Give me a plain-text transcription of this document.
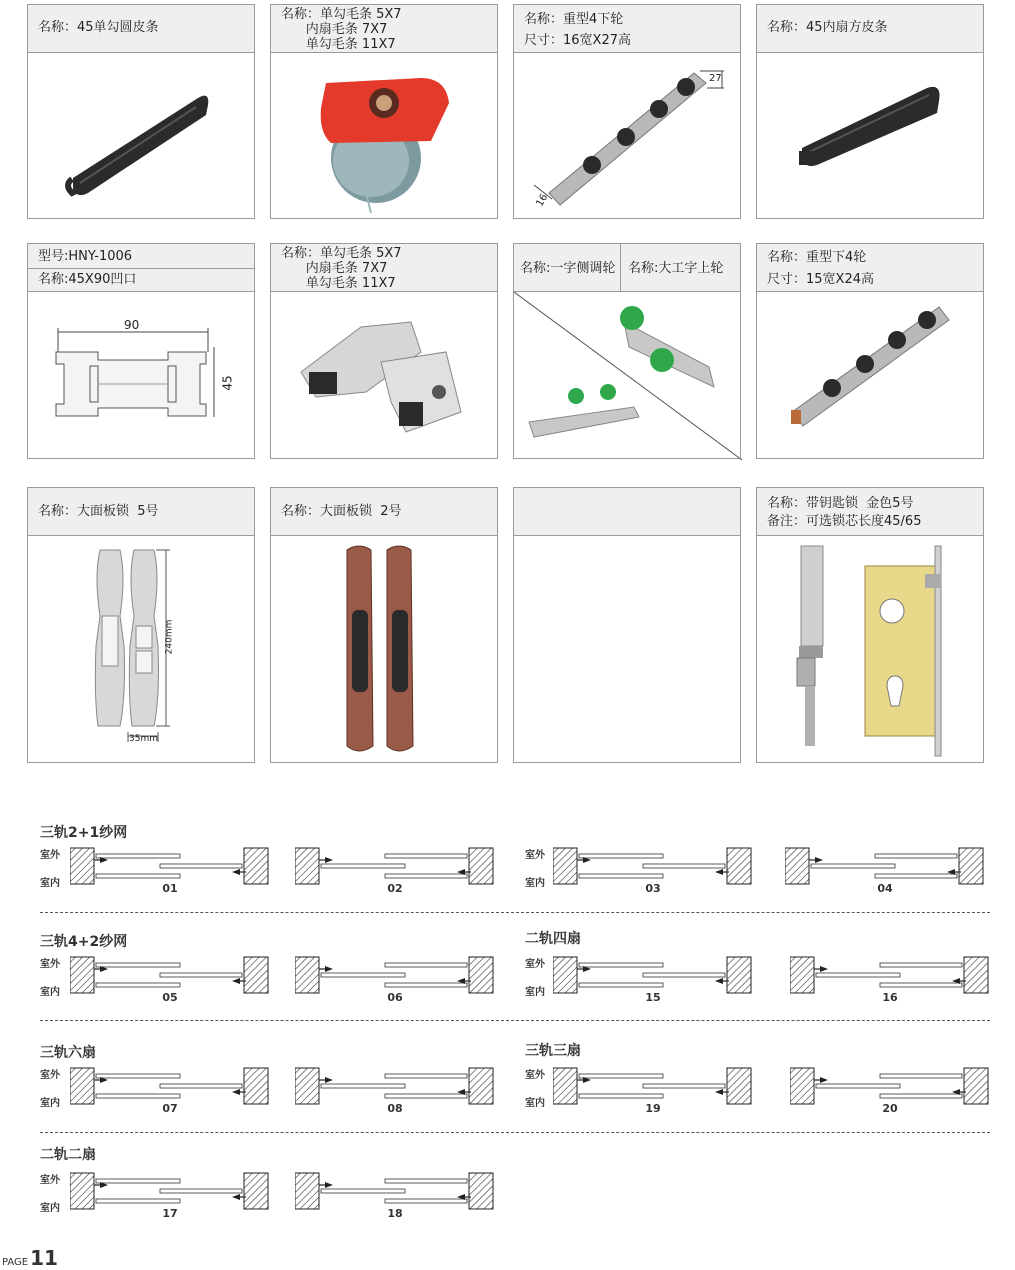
名称：45单勾圆皮条
名称：单勾毛条 5X7
内扇毛条 7X7
单勾毛条 11X7
名称：重型4下轮
尺寸：16宽X27高
27
16
名称：45内扇方皮条
型号:HNY-1006
名称:45X90凹口
90
45
名称：单勾毛条 5X7
内扇毛条 7X7
单勾毛条 11X7
名称:一字侧调轮 名称:大工字上轮
名称：重型下4轮
尺寸：15宽X24高
名称：大面板锁  5号
240mm
35mm
名称：大面板锁  2号
名称：带钥匙锁  金色5号
备注：可选锁芯长度45/65
室外
室内
室外
室内
室外
室内
室外
室内
室外
室内
室外
室内
室外
室内
01	02	03	04
05	06	15	16
07	08	19	20
17	18
三轨2+1纱网
三轨4+2纱网	二轨四扇
三轨六扇	三轨三扇
二轨二扇
PAGE 11
